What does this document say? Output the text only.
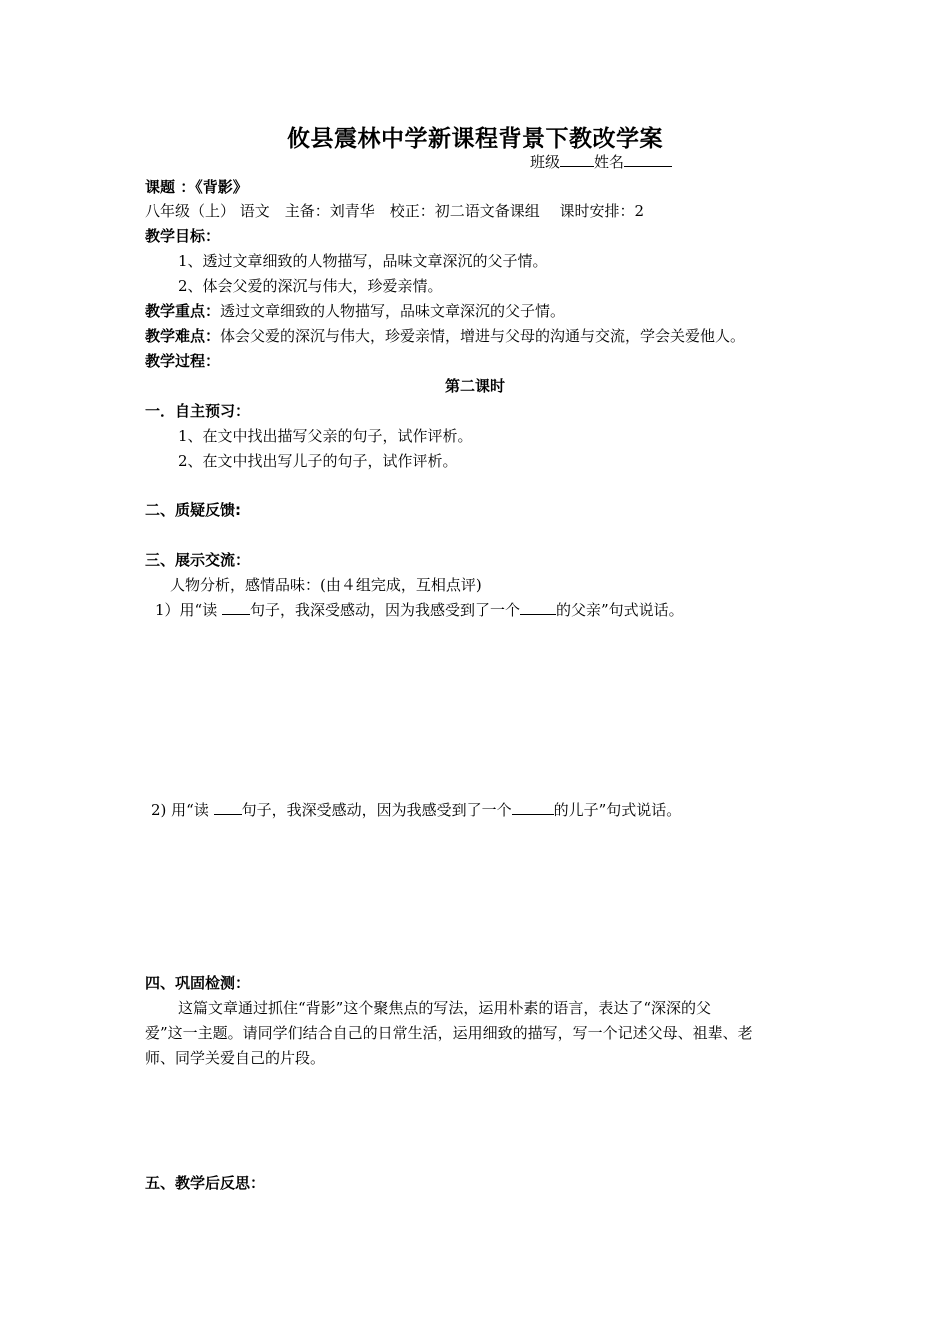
攸县震林中学新课程背景下教改学案
班级 姓名
课题 ：《背影》
八年级（上） 语文　主备：刘青华　校正：初二语文备课组　 课时安排：2
教学目标：
1、透过文章细致的人物描写，品味文章深沉的父子情。
2、体会父爱的深沉与伟大，珍爱亲情。
教学重点：透过文章细致的人物描写，品味文章深沉的父子情。
教学难点：体会父爱的深沉与伟大，珍爱亲情，增进与父母的沟通与交流，学会关爱他人。
教学过程：
第二课时
一．自主预习：
1、在文中找出描写父亲的句子，试作评析。
2、在文中找出写儿子的句子，试作评析。
二、质疑反馈:
三、展示交流：
人物分析，感情品味：(由４组完成，互相点评)
1）用“读 句子，我深受感动，因为我感受到了一个 的父亲”句式说话。
2) 用“读 句子，我深受感动，因为我感受到了一个	的儿子”句式说话。
四、巩固检测：
这篇文章通过抓住“背影”这个聚焦点的写法，运用朴素的语言，表达了“深深的父
爱”这一主题。请同学们结合自己的日常生活，运用细致的描写，写一个记述父母、祖辈、老
师、同学关爱自己的片段。
五、教学后反思：
